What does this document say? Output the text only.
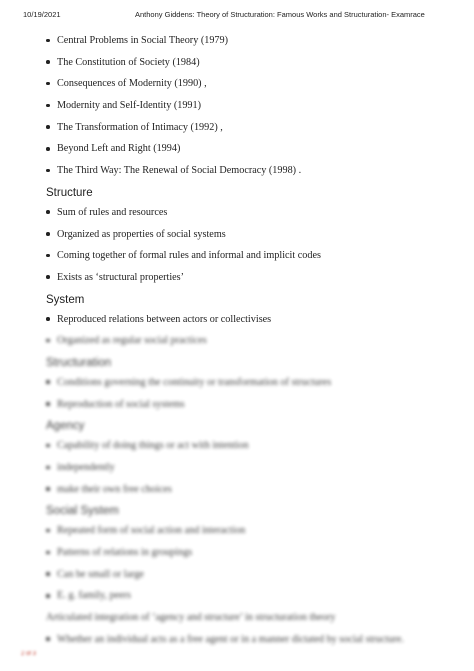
10/19/2021	Anthony Giddens: Theory of Structuration: Famous Works and Structuration- Examrace
Central Problems in Social Theory (1979)
The Constitution of Society (1984)
Consequences of Modernity (1990) ,
Modernity and Self-Identity (1991)
The Transformation of Intimacy (1992) ,
Beyond Left and Right (1994)
The Third Way: The Renewal of Social Democracy (1998) .
Structure
Sum of rules and resources
Organized as properties of social systems
Coming together of formal rules and informal and implicit codes
Exists as ‘structural properties’
System
Reproduced relations between actors or collectivises
Organized as regular social practices
Structuration
Conditions governing the continuity or transformation of structures
Reproduction of social systems
Agency
Capability of doing things or act with intention
independently
make their own free choices
Social System
Repeated form of social action and interaction
Patterns of relations in groupings
Can be small or large
E. g. family, peers

Articulated integration of ‘agency and structure’ in structuration theory

Whether an individual acts as a free agent or in a manner dictated by social structure.
2 of 3
